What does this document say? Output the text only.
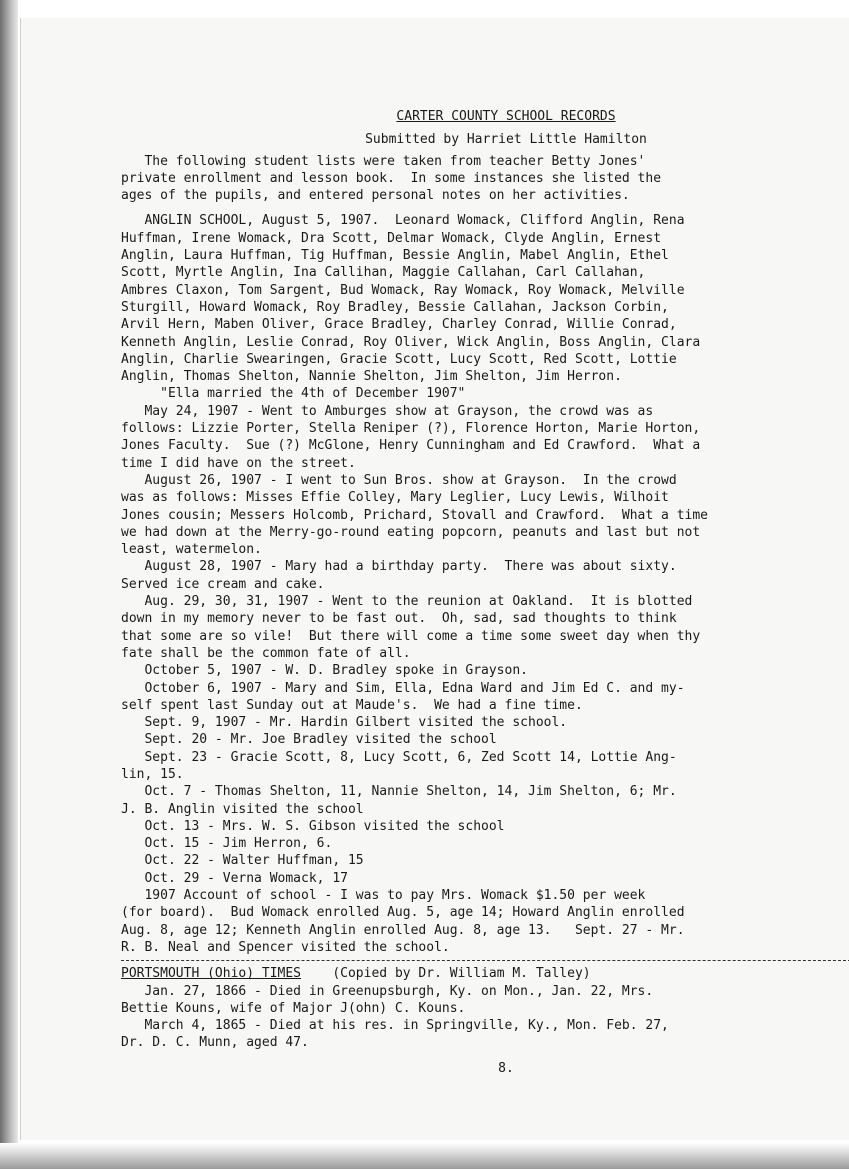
CARTER COUNTY SCHOOL RECORDS
Submitted by Harriet Little Hamilton
The following student lists were taken from teacher Betty Jones'
private enrollment and lesson book.  In some instances she listed the
ages of the pupils, and entered personal notes on her activities.
ANGLIN SCHOOL, August 5, 1907.  Leonard Womack, Clifford Anglin, Rena
Huffman, Irene Womack, Dra Scott, Delmar Womack, Clyde Anglin, Ernest
Anglin, Laura Huffman, Tig Huffman, Bessie Anglin, Mabel Anglin, Ethel
Scott, Myrtle Anglin, Ina Callihan, Maggie Callahan, Carl Callahan,
Ambres Claxon, Tom Sargent, Bud Womack, Ray Womack, Roy Womack, Melville
Sturgill, Howard Womack, Roy Bradley, Bessie Callahan, Jackson Corbin,
Arvil Hern, Maben Oliver, Grace Bradley, Charley Conrad, Willie Conrad,
Kenneth Anglin, Leslie Conrad, Roy Oliver, Wick Anglin, Boss Anglin, Clara
Anglin, Charlie Swearingen, Gracie Scott, Lucy Scott, Red Scott, Lottie
Anglin, Thomas Shelton, Nannie Shelton, Jim Shelton, Jim Herron.
"Ella married the 4th of December 1907"
May 24, 1907 - Went to Amburges show at Grayson, the crowd was as
follows: Lizzie Porter, Stella Reniper (?), Florence Horton, Marie Horton,
Jones Faculty.  Sue (?) McGlone, Henry Cunningham and Ed Crawford.  What a
time I did have on the street.
August 26, 1907 - I went to Sun Bros. show at Grayson.  In the crowd
was as follows: Misses Effie Colley, Mary Leglier, Lucy Lewis, Wilhoit
Jones cousin; Messers Holcomb, Prichard, Stovall and Crawford.  What a time
we had down at the Merry-go-round eating popcorn, peanuts and last but not
least, watermelon.
August 28, 1907 - Mary had a birthday party.  There was about sixty.
Served ice cream and cake.
Aug. 29, 30, 31, 1907 - Went to the reunion at Oakland.  It is blotted
down in my memory never to be fast out.  Oh, sad, sad thoughts to think
that some are so vile!  But there will come a time some sweet day when thy
fate shall be the common fate of all.
October 5, 1907 - W. D. Bradley spoke in Grayson.
October 6, 1907 - Mary and Sim, Ella, Edna Ward and Jim Ed C. and my-
self spent last Sunday out at Maude's.  We had a fine time.
Sept. 9, 1907 - Mr. Hardin Gilbert visited the school.
Sept. 20 - Mr. Joe Bradley visited the school
Sept. 23 - Gracie Scott, 8, Lucy Scott, 6, Zed Scott 14, Lottie Ang-
lin, 15.
Oct. 7 - Thomas Shelton, 11, Nannie Shelton, 14, Jim Shelton, 6; Mr.
J. B. Anglin visited the school
Oct. 13 - Mrs. W. S. Gibson visited the school
Oct. 15 - Jim Herron, 6.
Oct. 22 - Walter Huffman, 15
Oct. 29 - Verna Womack, 17
1907 Account of school - I was to pay Mrs. Womack $1.50 per week
(for board).  Bud Womack enrolled Aug. 5, age 14; Howard Anglin enrolled
Aug. 8, age 12; Kenneth Anglin enrolled Aug. 8, age 13.   Sept. 27 - Mr.
R. B. Neal and Spencer visited the school.
PORTSMOUTH (Ohio) TIMES (Copied by Dr. William M. Talley)
Jan. 27, 1866 - Died in Greenupsburgh, Ky. on Mon., Jan. 22, Mrs.
Bettie Kouns, wife of Major J(ohn) C. Kouns.
March 4, 1865 - Died at his res. in Springville, Ky., Mon. Feb. 27,
Dr. D. C. Munn, aged 47.
8.
